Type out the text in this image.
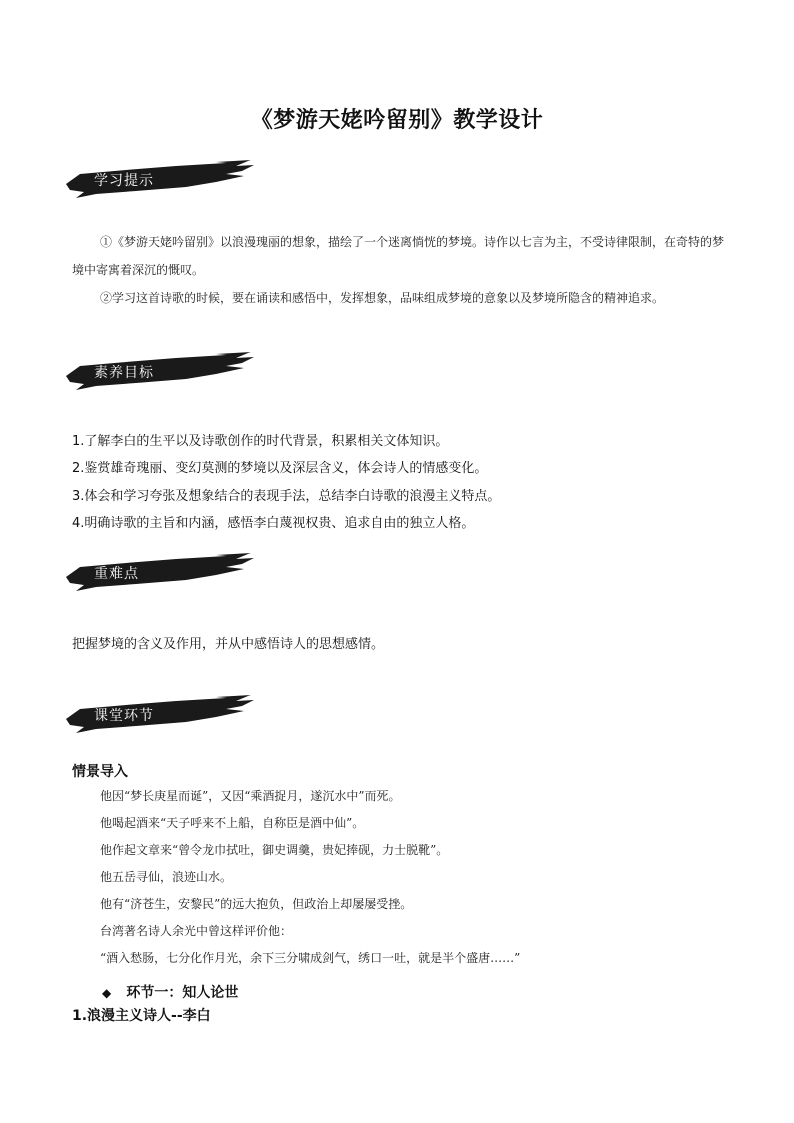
《梦游天姥吟留别》教学设计
学习提示
①《梦游天姥吟留别》以浪漫瑰丽的想象，描绘了一个迷离惝恍的梦境。诗作以七言为主，不受诗律限制，在奇特的梦境中寄寓着深沉的慨叹。
②学习这首诗歌的时候，要在诵读和感悟中，发挥想象，品味组成梦境的意象以及梦境所隐含的精神追求。
素养目标
1.了解李白的生平以及诗歌创作的时代背景，积累相关文体知识。
2.鉴赏雄奇瑰丽、变幻莫测的梦境以及深层含义，体会诗人的情感变化。
3.体会和学习夸张及想象结合的表现手法，总结李白诗歌的浪漫主义特点。
4.明确诗歌的主旨和内涵，感悟李白蔑视权贵、追求自由的独立人格。
重难点
把握梦境的含义及作用，并从中感悟诗人的思想感情。
课堂环节
情景导入
他因“梦长庚星而诞”，又因“乘酒捉月，遂沉水中”而死。
他喝起酒来“天子呼来不上船，自称臣是酒中仙”。
他作起文章来“曾令龙巾拭吐，御史调羹，贵妃捧砚，力士脱靴”。
他五岳寻仙，浪迹山水。
他有“济苍生，安黎民”的远大抱负，但政治上却屡屡受挫。
台湾著名诗人余光中曾这样评价他：
“酒入愁肠，七分化作月光，余下三分啸成剑气，绣口一吐，就是半个盛唐……”
◆ 环节一：知人论世
1.浪漫主义诗人--李白
